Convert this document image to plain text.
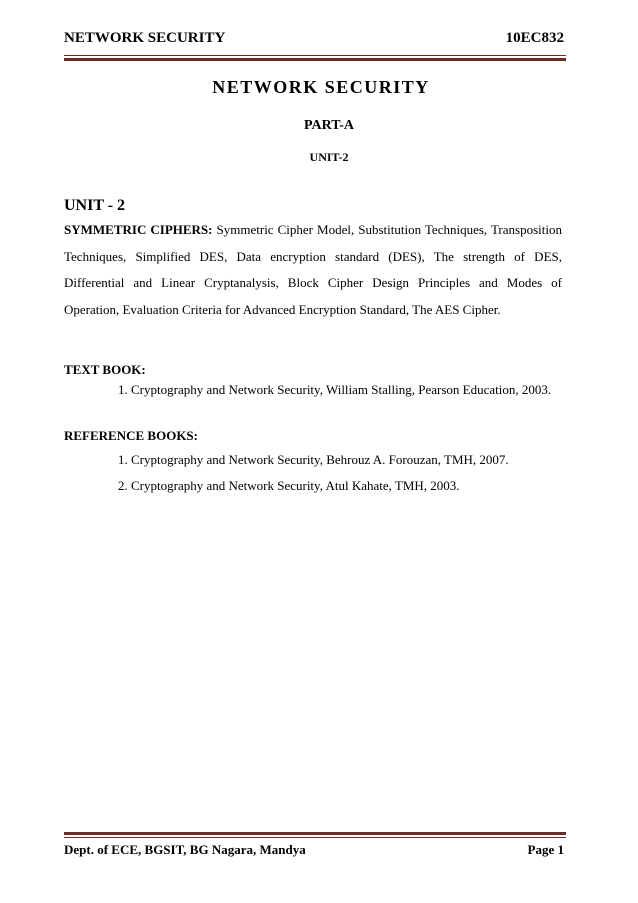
NETWORK SECURITY	10EC832
NETWORK SECURITY
PART-A
UNIT-2
UNIT - 2
SYMMETRIC CIPHERS: Symmetric Cipher Model, Substitution Techniques, Transposition Techniques, Simplified DES, Data encryption standard (DES), The strength of DES, Differential and Linear Cryptanalysis, Block Cipher Design Principles and Modes of Operation, Evaluation Criteria for Advanced Encryption Standard, The AES Cipher.
TEXT BOOK:
1. Cryptography and Network Security, William Stalling, Pearson Education, 2003.
REFERENCE BOOKS:
1. Cryptography and Network Security, Behrouz A. Forouzan, TMH, 2007.
2. Cryptography and Network Security, Atul Kahate, TMH, 2003.
Dept. of ECE, BGSIT, BG Nagara, Mandya	Page 1
